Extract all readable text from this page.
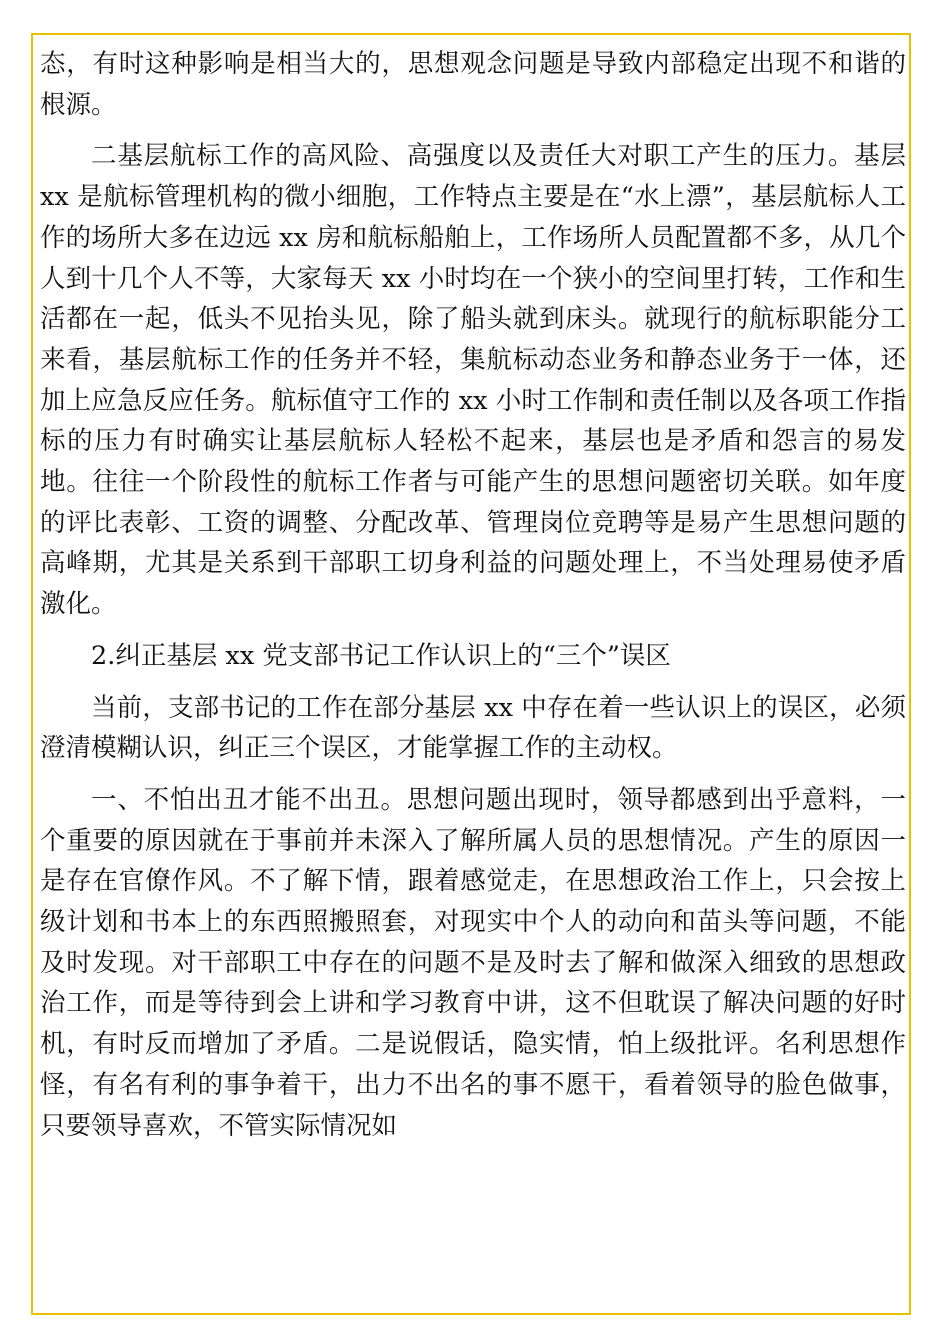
态，有时这种影响是相当大的，思想观念问题是导致内部稳定出现不和谐的根源。

二基层航标工作的高风险、高强度以及责任大对职工产生的压力。基层 xx 是航标管理机构的微小细胞，工作特点主要是在“水上漂”，基层航标人工作的场所大多在边远 xx 房和航标船舶上，工作场所人员配置都不多，从几个人到十几个人不等，大家每天 xx 小时均在一个狭小的空间里打转，工作和生活都在一起，低头不见抬头见，除了船头就到床头。就现行的航标职能分工来看，基层航标工作的任务并不轻，集航标动态业务和静态业务于一体，还加上应急反应任务。航标值守工作的 xx 小时工作制和责任制以及各项工作指标的压力有时确实让基层航标人轻松不起来，基层也是矛盾和怨言的易发地。往往一个阶段性的航标工作者与可能产生的思想问题密切关联。如年度的评比表彰、工资的调整、分配改革、管理岗位竞聘等是易产生思想问题的高峰期，尤其是关系到干部职工切身利益的问题处理上，不当处理易使矛盾激化。

2.纠正基层 xx 党支部书记工作认识上的“三个”误区

当前，支部书记的工作在部分基层 xx 中存在着一些认识上的误区，必须澄清模糊认识，纠正三个误区，才能掌握工作的主动权。

一、不怕出丑才能不出丑。思想问题出现时，领导都感到出乎意料，一个重要的原因就在于事前并未深入了解所属人员的思想情况。产生的原因一是存在官僚作风。不了解下情，跟着感觉走，在思想政治工作上，只会按上级计划和书本上的东西照搬照套，对现实中个人的动向和苗头等问题，不能及时发现。对干部职工中存在的问题不是及时去了解和做深入细致的思想政治工作，而是等待到会上讲和学习教育中讲，这不但耽误了解决问题的好时机，有时反而增加了矛盾。二是说假话，隐实情，怕上级批评。名利思想作怪，有名有利的事争着干，出力不出名的事不愿干，看着领导的脸色做事，只要领导喜欢，不管实际情况如
